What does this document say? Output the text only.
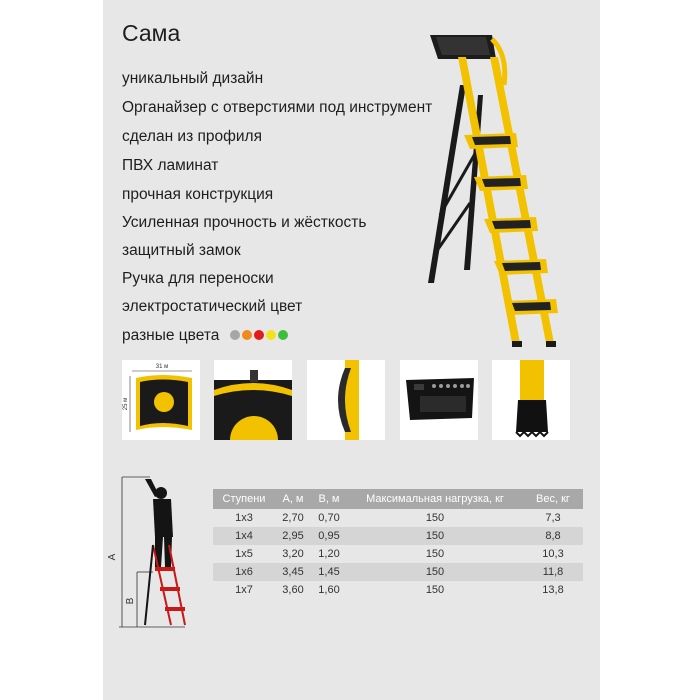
Сама
уникальный дизайн
Органайзер с отверстиями под инструмент
сделан из профиля
ПВХ ламинат
прочная конструкция
Усиленная прочность и жёсткость
защитный замок
Ручка для переноски
электростатический цвет
разные цвета
31 м
25 м
A
B
Ступени	А, м	В, м	Максимальная нагрузка, кг	Вес, кг
1х3	2,70	0,70	150	7,3
1х4	2,95	0,95	150	8,8
1х5	3,20	1,20	150	10,3
1х6	3,45	1,45	150	11,8
1х7	3,60	1,60	150	13,8
